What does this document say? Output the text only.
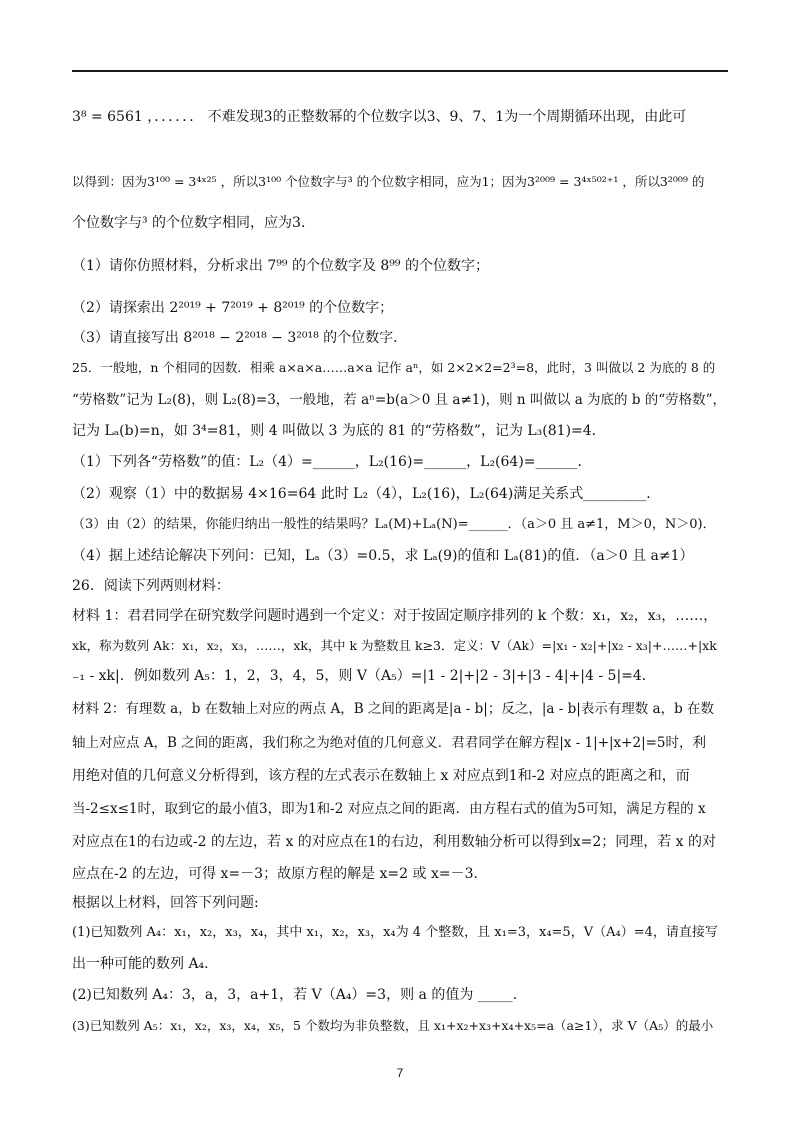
3⁸ = 6561 ，．．．．．． 不难发现3的正整数幂的个位数字以3、9、7、1为一个周期循环出现，由此可
以得到：因为3¹⁰⁰ = 3⁴ˣ²⁵ ，所以3¹⁰⁰ 个位数字与³ 的个位数字相同，应为1；因为3²⁰⁰⁹ = 3⁴ˣ⁵⁰²⁺¹ ，所以3²⁰⁰⁹ 的
个位数字与³ 的个位数字相同，应为3．
（1）请你仿照材料，分析求出 7⁹⁹ 的个位数字及 8⁹⁹ 的个位数字；
（2）请探索出 2²⁰¹⁹ + 7²⁰¹⁹ + 8²⁰¹⁹ 的个位数字；
（3）请直接写出 8²⁰¹⁸ − 2²⁰¹⁸ − 3²⁰¹⁸ 的个位数字．
25．一般地，n 个相同的因数．相乘 a×a×a……a×a 记作 aⁿ，如 2×2×2=2³=8，此时，3 叫做以 2 为底的 8 的
“劳格数”记为 L₂(8)，则 L₂(8)=3，一般地，若 aⁿ=b(a＞0 且 a≠1)，则 n 叫做以 a 为底的 b 的“劳格数”，
记为 Lₐ(b)=n，如 3⁴=81，则 4 叫做以 3 为底的 81 的“劳格数”，记为 L₃(81)=4．
（1）下列各“劳格数”的值：L₂（4）=______，L₂(16)=______，L₂(64)=______．
（2）观察（1）中的数据易 4×16=64 此时 L₂（4），L₂(16)，L₂(64)满足关系式_________．
（3）由（2）的结果，你能归纳出一般性的结果吗？Lₐ(M)+Lₐ(N)=______．（a＞0 且 a≠1，M＞0，N＞0)．
（4）据上述结论解决下列问：已知，Lₐ（3）=0.5，求 Lₐ(9)的值和 Lₐ(81)的值．（a＞0 且 a≠1）
26．阅读下列两则材料：
材料 1：君君同学在研究数学问题时遇到一个定义：对于按固定顺序排列的 k 个数：x₁，x₂，x₃，……，
xk，称为数列 Ak：x₁，x₂，x₃，……，xk，其中 k 为整数且 k≥3．定义：V（Ak）=|x₁ - x₂|+|x₂ - x₃|+……+|xk
₋₁ - xk|．例如数列 A₅：1，2，3，4，5，则 V（A₅）=|1 - 2|+|2 - 3|+|3 - 4|+|4 - 5|=4．
材料 2：有理数 a，b 在数轴上对应的两点 A，B 之间的距离是|a - b|；反之，|a - b|表示有理数 a，b 在数
轴上对应点 A，B 之间的距离，我们称之为绝对值的几何意义．君君同学在解方程|x - 1|+|x+2|=5时，利
用绝对值的几何意义分析得到，该方程的左式表示在数轴上 x 对应点到1和-2 对应点的距离之和，而
当-2≤x≤1时，取到它的最小值3，即为1和-2 对应点之间的距离．由方程右式的值为5可知，满足方程的 x
对应点在1的右边或-2 的左边，若 x 的对应点在1的右边，利用数轴分析可以得到x=2；同理，若 x 的对
应点在-2 的左边，可得 x=－3；故原方程的解是 x=2 或 x=－3．
根据以上材料，回答下列问题:
(1)已知数列 A₄：x₁，x₂，x₃，x₄，其中 x₁，x₂，x₃，x₄为 4 个整数，且 x₁=3，x₄=5，V（A₄）=4，请直接写
出一种可能的数列 A₄.
(2)已知数列 A₄：3，a，3，a+1，若 V（A₄）=3，则 a 的值为 _____.
(3)已知数列 A₅：x₁，x₂，x₃，x₄，x₅，5 个数均为非负整数，且 x₁+x₂+x₃+x₄+x₅=a（a≥1），求 V（A₅）的最小
7
